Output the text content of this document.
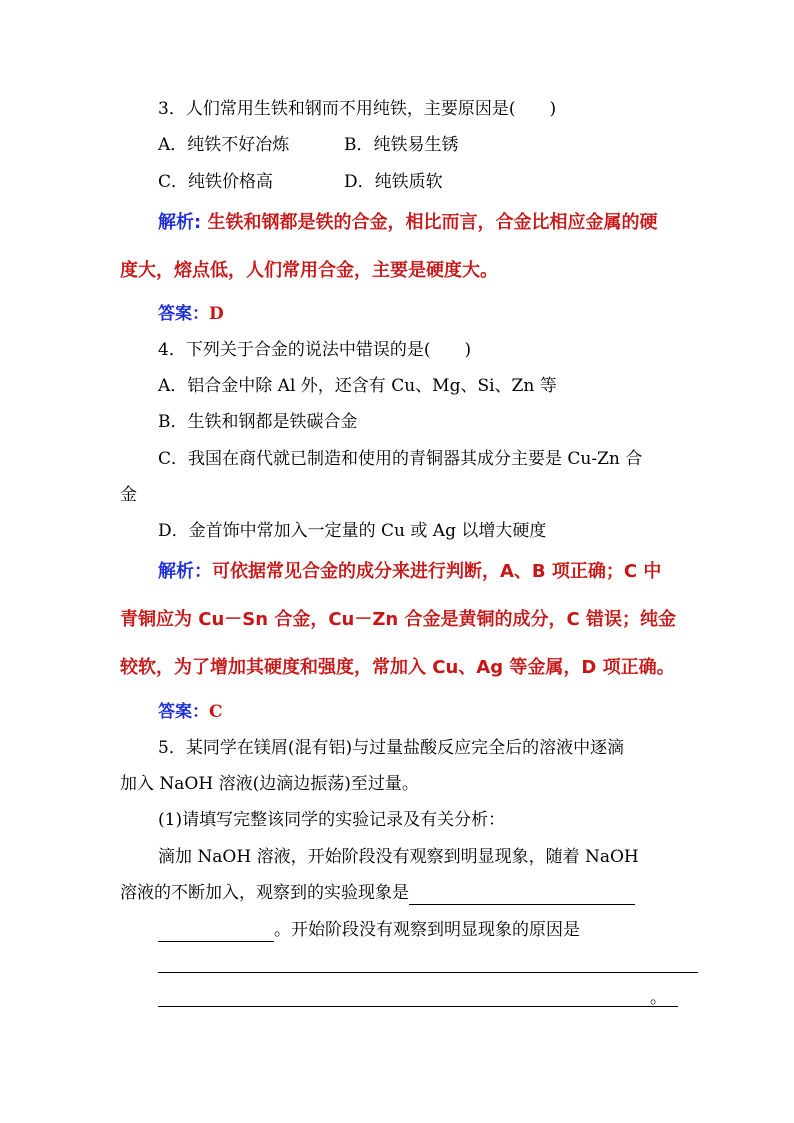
3．人们常用生铁和钢而不用纯铁，主要原因是(　　)
A．纯铁不好冶炼	B．纯铁易生锈
C．纯铁价格高	D．纯铁质软
解析: 生铁和钢都是铁的合金，相比而言，合金比相应金属的硬
度大，熔点低，人们常用合金，主要是硬度大。
答案：D
4．下列关于合金的说法中错误的是(　　)
A．铝合金中除 Al 外，还含有 Cu、Mg、Si、Zn 等
B．生铁和钢都是铁碳合金
C．我国在商代就已制造和使用的青铜器其成分主要是 Cu-Zn 合
金
D．金首饰中常加入一定量的 Cu 或 Ag 以增大硬度
解析：可依据常见合金的成分来进行判断，A、B 项正确；C 中
青铜应为 Cu－Sn 合金，Cu－Zn 合金是黄铜的成分，C 错误；纯金
较软，为了增加其硬度和强度，常加入 Cu、Ag 等金属，D 项正确。
答案：C
5．某同学在镁屑(混有铝)与过量盐酸反应完全后的溶液中逐滴
加入 NaOH 溶液(边滴边振荡)至过量。
(1)请填写完整该同学的实验记录及有关分析：
滴加 NaOH 溶液，开始阶段没有观察到明显现象，随着 NaOH
溶液的不断加入，观察到的实验现象是
。开始阶段没有观察到明显现象的原因是
。
